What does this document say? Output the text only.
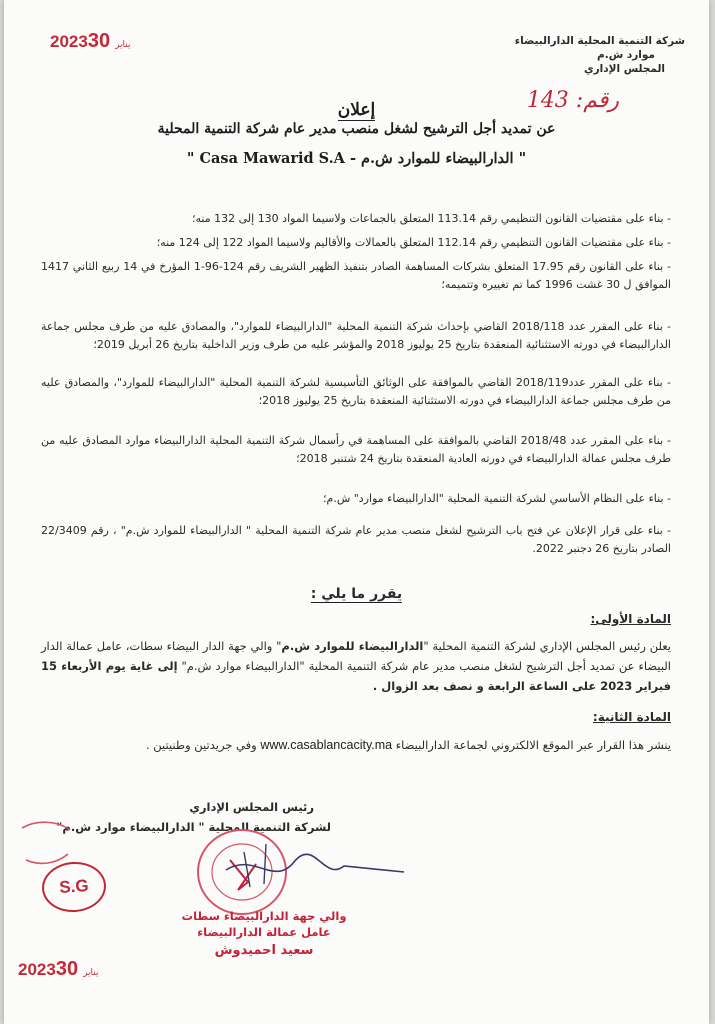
2023	يناير30	شركة التنمية المحلية الدارالبيضاء
موارد ش.م
المجلس الإداري
رقم: 143
إعلان
عن تمديد أجل الترشيح لشغل منصب مدير عام شركة التنمية المحلية
" الدارالبيضاء للموارد ش.م - Casa Mawarid S.A "
- بناء على مقتضيات القانون التنظيمي رقم 113.14 المتعلق بالجماعات ولاسيما المواد 130 إلى 132 منه؛
- بناء على مقتضيات القانون التنظيمي رقم 112.14 المتعلق بالعمالات والأقاليم ولاسيما المواد 122 إلى 124 منه؛
- بناء على القانون رقم 17.95 المتعلق بشركات المساهمة الصادر بتنفيذ الظهير الشريف رقم 124-96-1 المؤرخ في 14 ربيع الثاني 1417 الموافق ل 30 غشت 1996 كما تم تغييره وتتميمه؛
- بناء على المقرر عدد 2018/118 القاضي بإحداث شركة التنمية المحلية "الدارالبيضاء للموارد"، والمصادق عليه من طرف مجلس جماعة الدارالبيضاء في دورته الاستثنائية المنعقدة بتاريخ 25 يوليوز 2018 والمؤشر عليه من طرف وزير الداخلية بتاريخ 26 أبريل 2019؛
- بناء على المقرر عدد2018/119 القاضي بالموافقة على الوثائق التأسيسية لشركة التنمية المحلية "الدارالبيضاء للموارد"، والمصادق عليه من طرف مجلس جماعة الدارالبيضاء في دورته الاستثنائية المنعقدة بتاريخ 25 يوليوز 2018؛
- بناء على المقرر عدد 2018/48 القاضي بالموافقة على المساهمة في رأسمال شركة التنمية المحلية الدارالبيضاء موارد المصادق عليه من طرف مجلس عمالة الدارالبيضاء في دورته العادية المنعقدة بتاريخ 24 شتنبر 2018؛
- بناء على النظام الأساسي لشركة التنمية المحلية "الدارالبيضاء موارد" ش.م؛
- بناء على قرار الإعلان عن فتح باب الترشيح لشغل منصب مدير عام شركة التنمية المحلية " الدارالبيضاء للموارد ش.م" ، رقم 22/3409 الصادر بتاريخ 26 دجنبر 2022.
يقرر ما يلي :
المادة الأولى:
يعلن رئيس المجلس الإداري لشركة التنمية المحلية "الدارالبيضاء للموارد ش.م" والي جهة الدار البيضاء سطات، عامل عمالة الدار البيضاء عن تمديد أجل الترشيح لشغل منصب مدير عام شركة التنمية المحلية "الدارالبيضاء موارد ش.م" إلى غاية يوم الأربعاء 15 فبراير 2023 على الساعة الرابعة و نصف بعد الزوال .
المادة الثانية:
ينشر هذا القرار عبر الموقع الالكتروني لجماعة الدارالبيضاء www.casablancacity.ma وفي جريدتين وطنيتين .
رئيس المجلس الإداري
لشركة التنمية المحلية " الدارالبيضاء موارد ش.م"
S.G
والي جهة الدارالبيضاء سطات
عامل عمالة الدارالبيضاء
سعيد احميدوش
2023	يناير30
